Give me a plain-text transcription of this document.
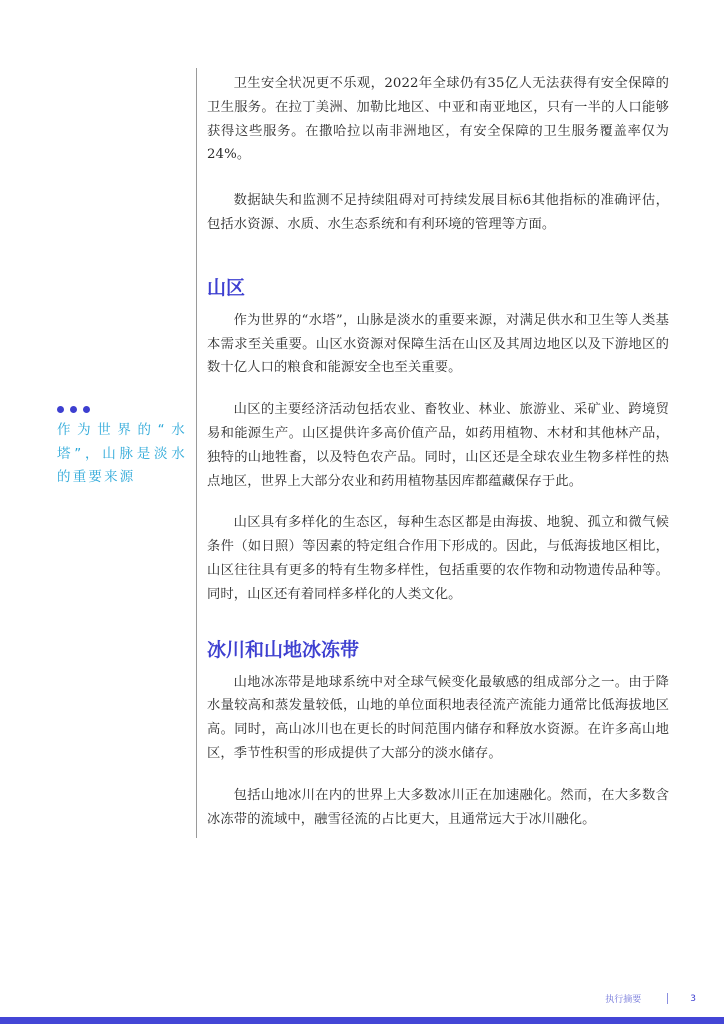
卫生安全状况更不乐观，2022年全球仍有35亿人无法获得有安全保障的卫生服务。在拉丁美洲、加勒比地区、中亚和南亚地区，只有一半的人口能够获得这些服务。在撒哈拉以南非洲地区，有安全保障的卫生服务覆盖率仅为24%。

数据缺失和监测不足持续阻碍对可持续发展目标6其他指标的准确评估，包括水资源、水质、水生态系统和有利环境的管理等方面。

山区

作为世界的“水塔”，山脉是淡水的重要来源，对满足供水和卫生等人类基本需求至关重要。山区水资源对保障生活在山区及其周边地区以及下游地区的数十亿人口的粮食和能源安全也至关重要。

山区的主要经济活动包括农业、畜牧业、林业、旅游业、采矿业、跨境贸易和能源生产。山区提供许多高价值产品，如药用植物、木材和其他林产品，独特的山地牲畜，以及特色农产品。同时，山区还是全球农业生物多样性的热点地区，世界上大部分农业和药用植物基因库都蕴藏保存于此。

山区具有多样化的生态区，每种生态区都是由海拔、地貌、孤立和微气候条件（如日照）等因素的特定组合作用下形成的。因此，与低海拔地区相比，山区往往具有更多的特有生物多样性，包括重要的农作物和动物遗传品种等。同时，山区还有着同样多样化的人类文化。

冰川和山地冰冻带

山地冰冻带是地球系统中对全球气候变化最敏感的组成部分之一。由于降水量较高和蒸发量较低，山地的单位面积地表径流产流能力通常比低海拔地区高。同时，高山冰川也在更长的时间范围内储存和释放水资源。在许多高山地区，季节性积雪的形成提供了大部分的淡水储存。

包括山地冰川在内的世界上大多数冰川正在加速融化。然而，在大多数含冰冻带的流域中，融雪径流的占比更大，且通常远大于冰川融化。

作为世界的“水塔”，山脉是淡水的重要来源
执行摘要	3
